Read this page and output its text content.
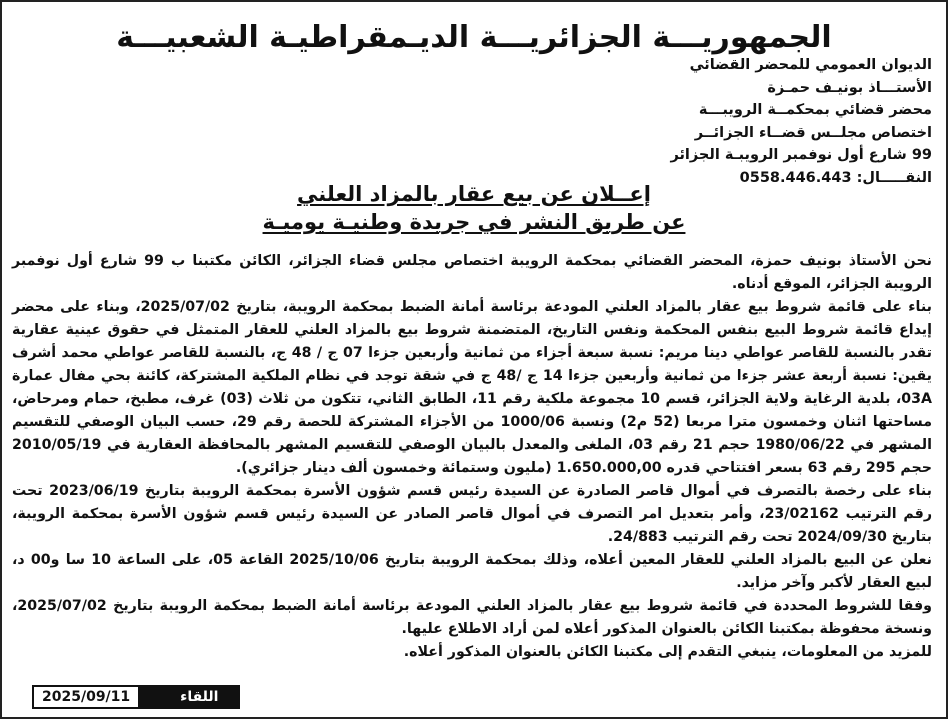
الجمهوريـــة الجزائريـــة الديـمقراطيـة الشعبيـــة
الديوان العمومي للمحضر القضائي
الأستـــاذ بونيـف حمـزة
محضر قضائي بمحكمــة الرويبـــة
اختصاص مجلــس قضــاء الجزائــر
99 شارع أول نوفمبر الرويبـة الجزائر
النقـــــال: 0558.446.443
إعــلان عن بيع عقار بالمزاد العلني
عن طريق النشر في جريدة وطنيـة يوميـة

نحن الأستاذ بونيف حمزة، المحضر القضائي بمحكمة الرويبة اختصاص مجلس قضاء الجزائر، الكائن مكتبنا ب 99 شارع أول نوفمبر الرويبة الجزائر، الموقع أدناه.

بناء على قائمة شروط بيع عقار بالمزاد العلني المودعة برئاسة أمانة الضبط بمحكمة الرويبة، بتاريخ 2025/07/02، وبناء على محضر إيداع قائمة شروط البيع بنفس المحكمة ونفس التاريخ، المتضمنة شروط بيع بالمزاد العلني للعقار المتمثل في حقوق عينية عقارية تقدر بالنسبة للقاصر عواطي دينا مريم: نسبة سبعة أجزاء من ثمانية وأربعين جزءا 07 ج / 48 ج، بالنسبة للقاصر عواطي محمد أشرف يقين: نسبة أربعة عشر جزءا من ثمانية وأربعين جزءا 14 ج /48 ج في شقة توجد في نظام الملكية المشتركة، كائنة بحي مفال عمارة 03A، بلدية الرغاية ولاية الجزائر، قسم 10 مجموعة ملكية رقم 11، الطابق الثاني، تتكون من ثلاث (03) غرف، مطبخ، حمام ومرحاض، مساحتها اثنان وخمسون مترا مربعا (52 م2) ونسبة 1000/06 من الأجزاء المشتركة للحصة رقم 29، حسب البيان الوصفي للتقسيم المشهر في 1980/06/22 حجم 21 رقم 03، الملغى والمعدل بالبيان الوصفي للتقسيم المشهر بالمحافظة العقارية في 2010/05/19 حجم 295 رقم 63 بسعر افتتاحي قدره 1.650.000,00 (مليون وستمائة وخمسون ألف دينار جزائري).

بناء على رخصة بالتصرف في أموال قاصر الصادرة عن السيدة رئيس قسم شؤون الأسرة بمحكمة الرويبة بتاريخ 2023/06/19 تحت رقم الترتيب 23/02162، وأمر بتعديل امر التصرف في أموال قاصر الصادر عن السيدة رئيس قسم شؤون الأسرة بمحكمة الرويبة، بتاريخ 2024/09/30 تحت رقم الترتيب 24/883.

نعلن عن البيع بالمزاد العلني للعقار المعين أعلاه، وذلك بمحكمة الرويبة بتاريخ 2025/10/06 القاعة 05، على الساعة 10 سا و00 د، لبيع العقار لأكبر وآخر مزايد.

وفقا للشروط المحددة في قائمة شروط بيع عقار بالمزاد العلني المودعة برئاسة أمانة الضبط بمحكمة الرويبة بتاريخ 2025/07/02، ونسخة محفوظة بمكتبنا الكائن بالعنوان المذكور أعلاه لمن أراد الاطلاع عليها.

للمزيد من المعلومات، ينبغي التقدم إلى مكتبنا الكائن بالعنوان المذكور أعلاه.

2025/09/11	اللقاء
